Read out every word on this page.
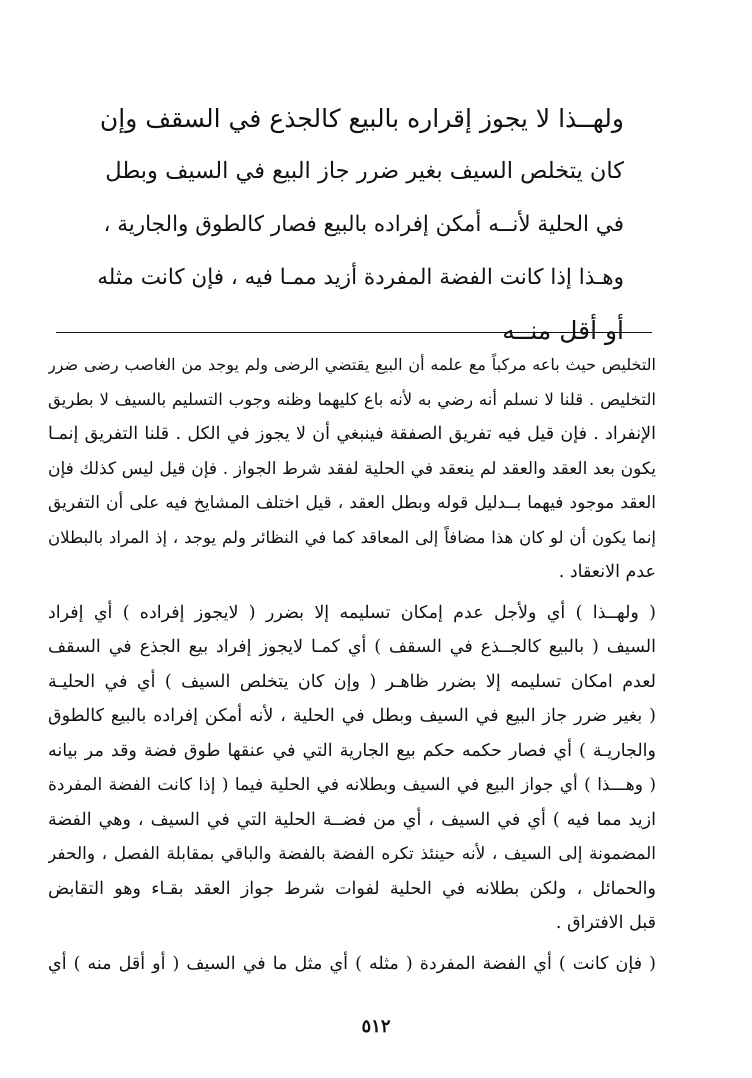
ولهــذا لا يجوز إقراره بالبيع كالجذع في السقف وإن
كان يتخلص السيف بغير ضرر جاز البيع في السيف وبطل
في الحلية لأنــه أمكن إفراده بالبيع فصار كالطوق والجارية ،
وهـذا إذا كانت الفضة المفردة أزيد ممـا فيه ، فإن كانت مثله
أو أقل منــه
التخليص حيث باعه مركباً مع علمه أن البيع يقتضي الرضى ولم يوجد من الغاصب رضى ضرر
التخليص . قلنا لا نسلم أنه رضي به لأنه باع كليهما وظنه وجوب التسليم بالسيف لا بطريق
الإنفراد . فإن قيل فيه تفريق الصفقة فينبغي أن لا يجوز في الكل . قلنا التفريق إنمـا
يكون بعد العقد والعقد لم ينعقد في الحلية لفقد شرط الجواز . فإن قيل ليس كذلك فإن
العقد موجود فيهما بــدليل قوله وبطل العقد ، قيل اختلف المشايخ فيه على أن التفريق
إنما يكون أن لو كان هذا مضافاً إلى المعاقد كما في النظائر ولم يوجد ، إذ المراد بالبطلان
عدم الانعقاد .
( ولهــذا ) أي ولأجل عدم إمكان تسليمه إلا بضرر ( لايجوز إفراده ) أي إفراد
السيف ( بالبيع كالجــذع في السقف ) أي كمـا لايجوز إفراد بيع الجذع في السقف
لعدم امكان تسليمه إلا بضرر ظاهـر ( وإن كان يتخلص السيف ) أي في الحليـة
( بغير ضرر جاز البيع في السيف وبطل في الحلية ، لأنه أمكن إفراده بالبيع كالطوق
والجاريـة ) أي فصار حكمه حكم بيع الجارية التي في عنقها طوق فضة وقد مر بيانه
( وهـــذا ) أي جواز البيع في السيف وبطلانه في الحلية فيما ( إذا كانت الفضة المفردة
ازيد مما فيه ) أي في السيف ، أي من فضــة الحلية التي في السيف ، وهي الفضة
المضمونة إلى السيف ، لأنه حينئذ تكره الفضة بالفضة والباقي بمقابلة الفصل ، والحفر
والحمائل ، ولكن بطلانه في الحلية لفوات شرط جواز العقد بقـاء وهو التقابض
قبل الافتراق .
( فإن كانت ) أي الفضة المفردة ( مثله ) أي مثل ما في السيف ( أو أقل منه ) أي
٥١٢
